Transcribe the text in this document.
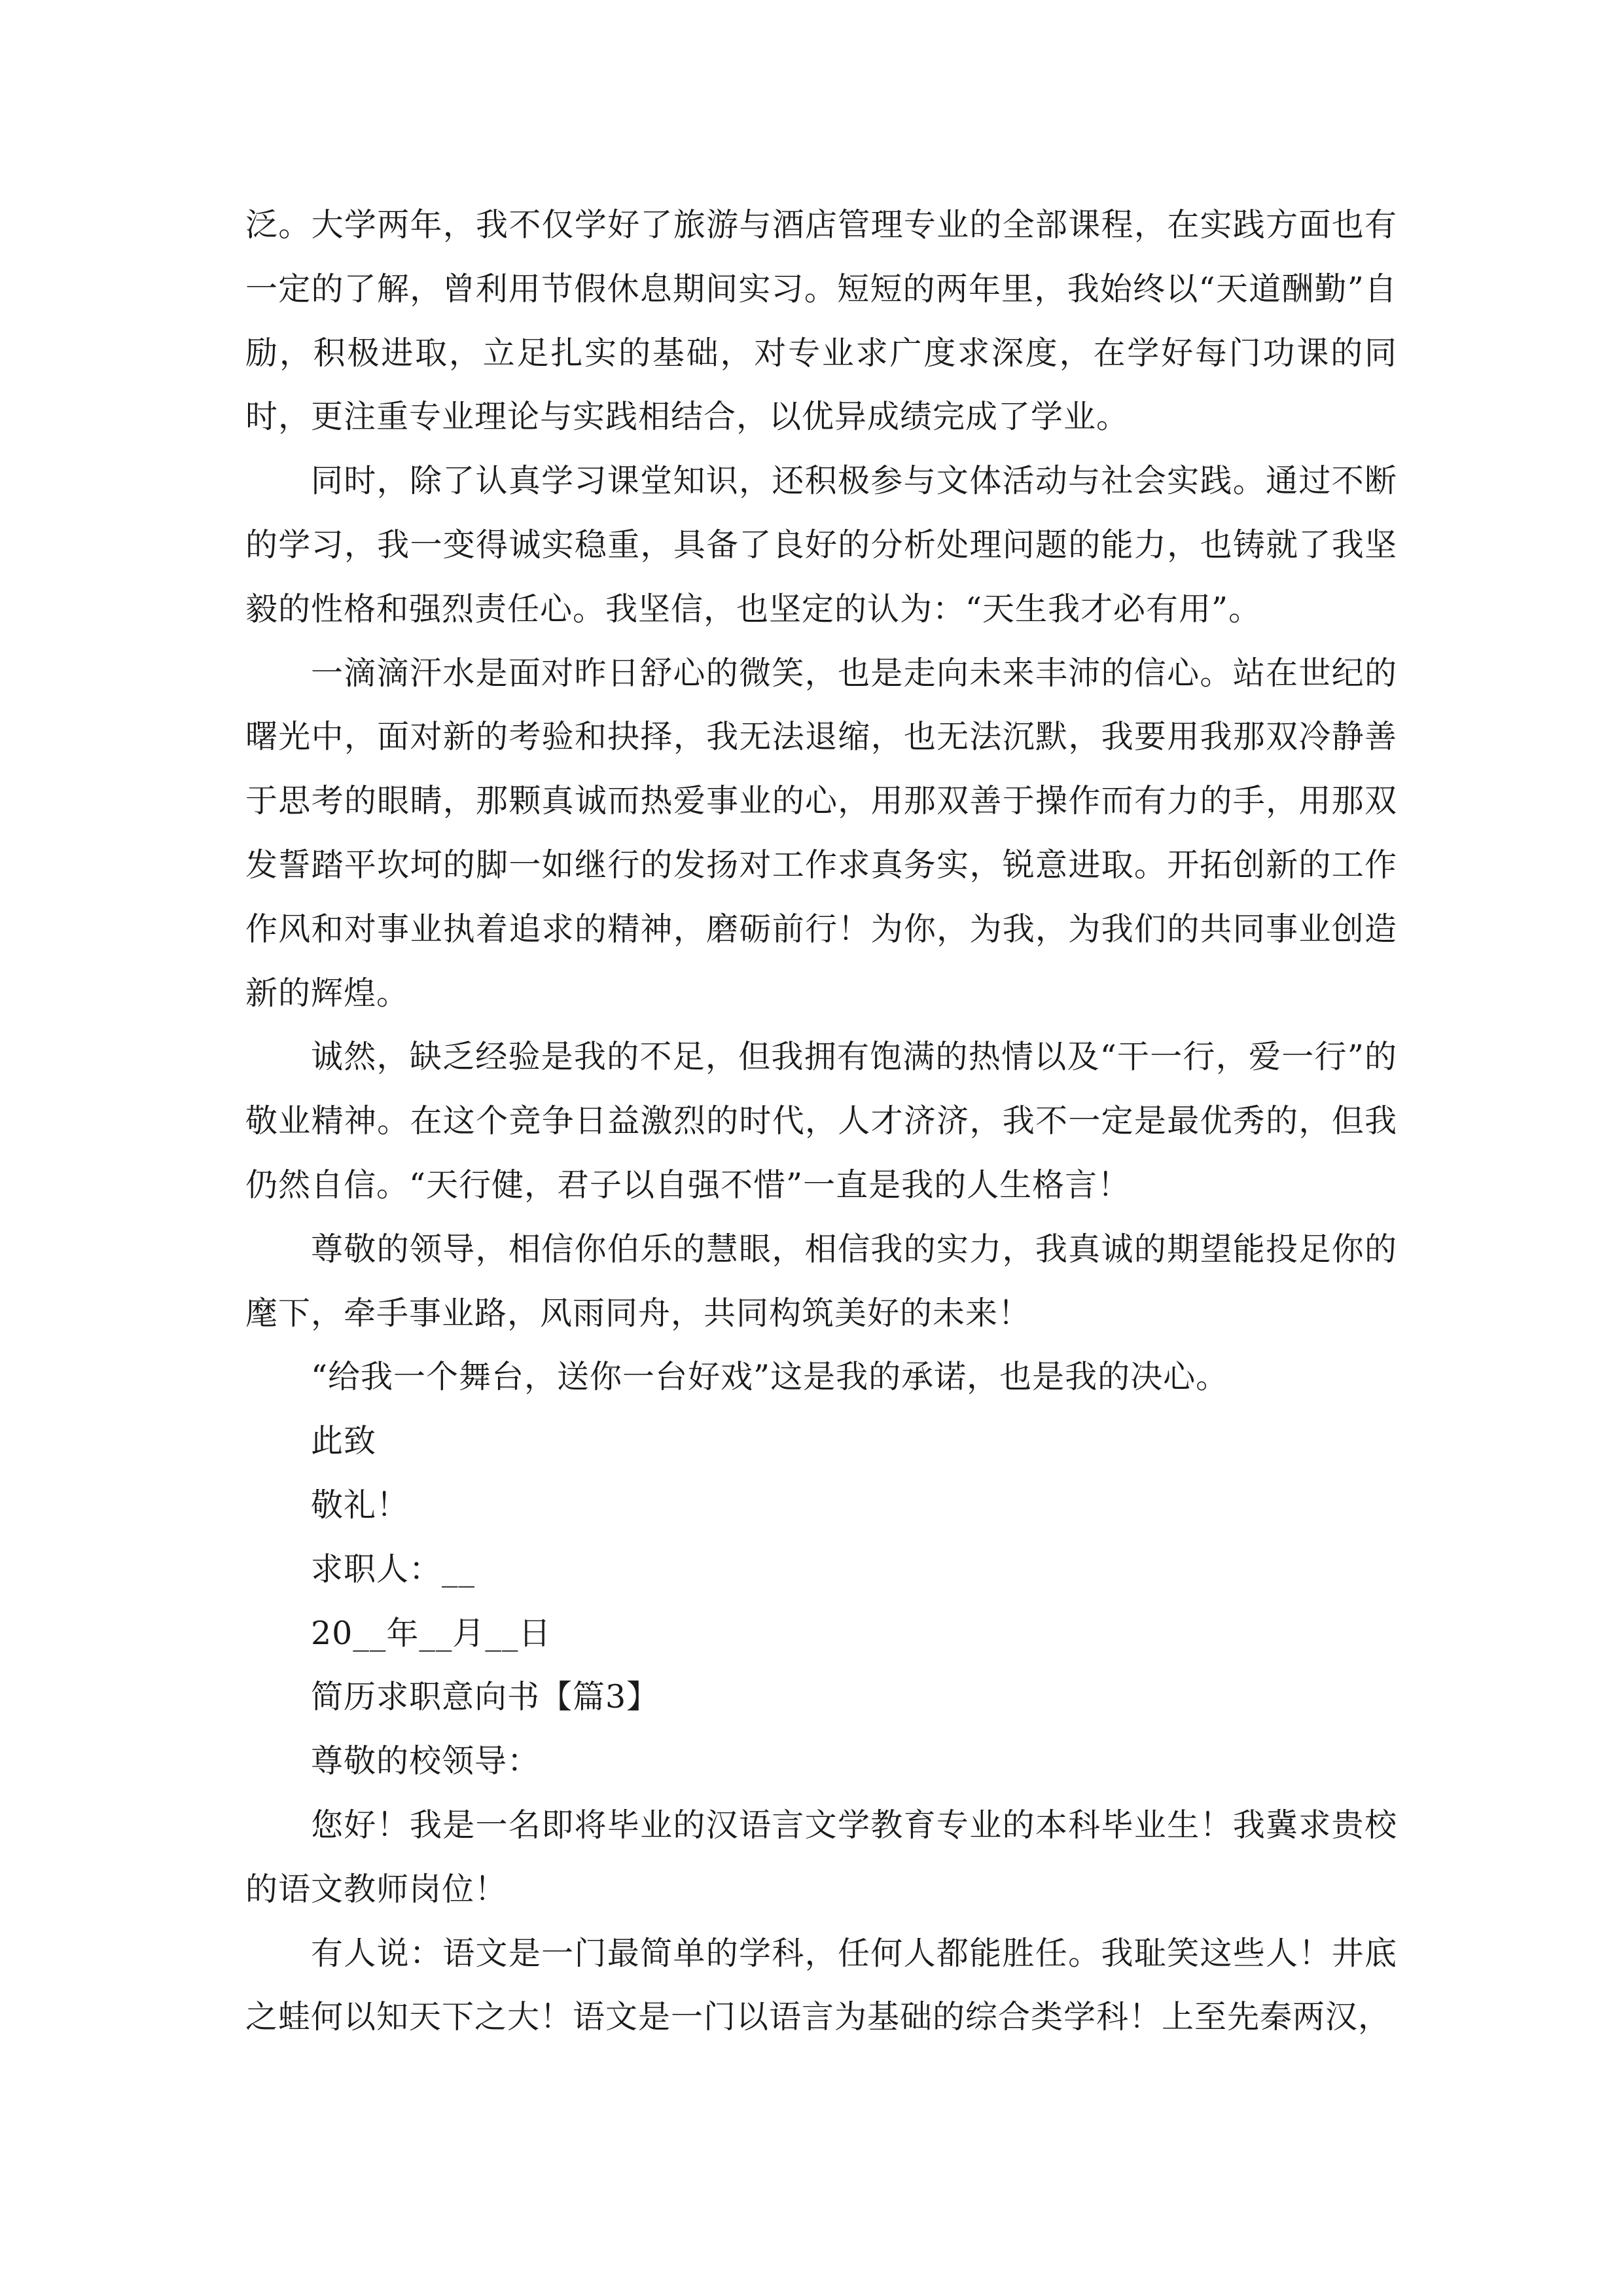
泛。大学两年，我不仅学好了旅游与酒店管理专业的全部课程，在实践方面也有一定的了解，曾利用节假休息期间实习。短短的两年里，我始终以“天道酬勤”自励，积极进取，立足扎实的基础，对专业求广度求深度，在学好每门功课的同时，更注重专业理论与实践相结合，以优异成绩完成了学业。

同时，除了认真学习课堂知识，还积极参与文体活动与社会实践。通过不断的学习，我一变得诚实稳重，具备了良好的分析处理问题的能力，也铸就了我坚毅的性格和强烈责任心。我坚信，也坚定的认为：“天生我才必有用”。

一滴滴汗水是面对昨日舒心的微笑，也是走向未来丰沛的信心。站在世纪的曙光中，面对新的考验和抉择，我无法退缩，也无法沉默，我要用我那双冷静善于思考的眼睛，那颗真诚而热爱事业的心，用那双善于操作而有力的手，用那双发誓踏平坎坷的脚一如继行的发扬对工作求真务实，锐意进取。开拓创新的工作作风和对事业执着追求的精神，磨砺前行！为你，为我，为我们的共同事业创造新的辉煌。

诚然，缺乏经验是我的不足，但我拥有饱满的热情以及“干一行，爱一行”的敬业精神。在这个竞争日益激烈的时代，人才济济，我不一定是最优秀的，但我仍然自信。“天行健，君子以自强不惜”一直是我的人生格言！

尊敬的领导，相信你伯乐的慧眼，相信我的实力，我真诚的期望能投足你的麾下，牵手事业路，风雨同舟，共同构筑美好的未来！

“给我一个舞台，送你一台好戏”这是我的承诺，也是我的决心。

此致

敬礼！

求职人：__

20__年__月__日

简历求职意向书【篇3】

尊敬的校领导：

您好！我是一名即将毕业的汉语言文学教育专业的本科毕业生！我冀求贵校的语文教师岗位！

有人说：语文是一门最简单的学科，任何人都能胜任。我耻笑这些人！井底之蛙何以知天下之大！语文是一门以语言为基础的综合类学科！上至先秦两汉，
